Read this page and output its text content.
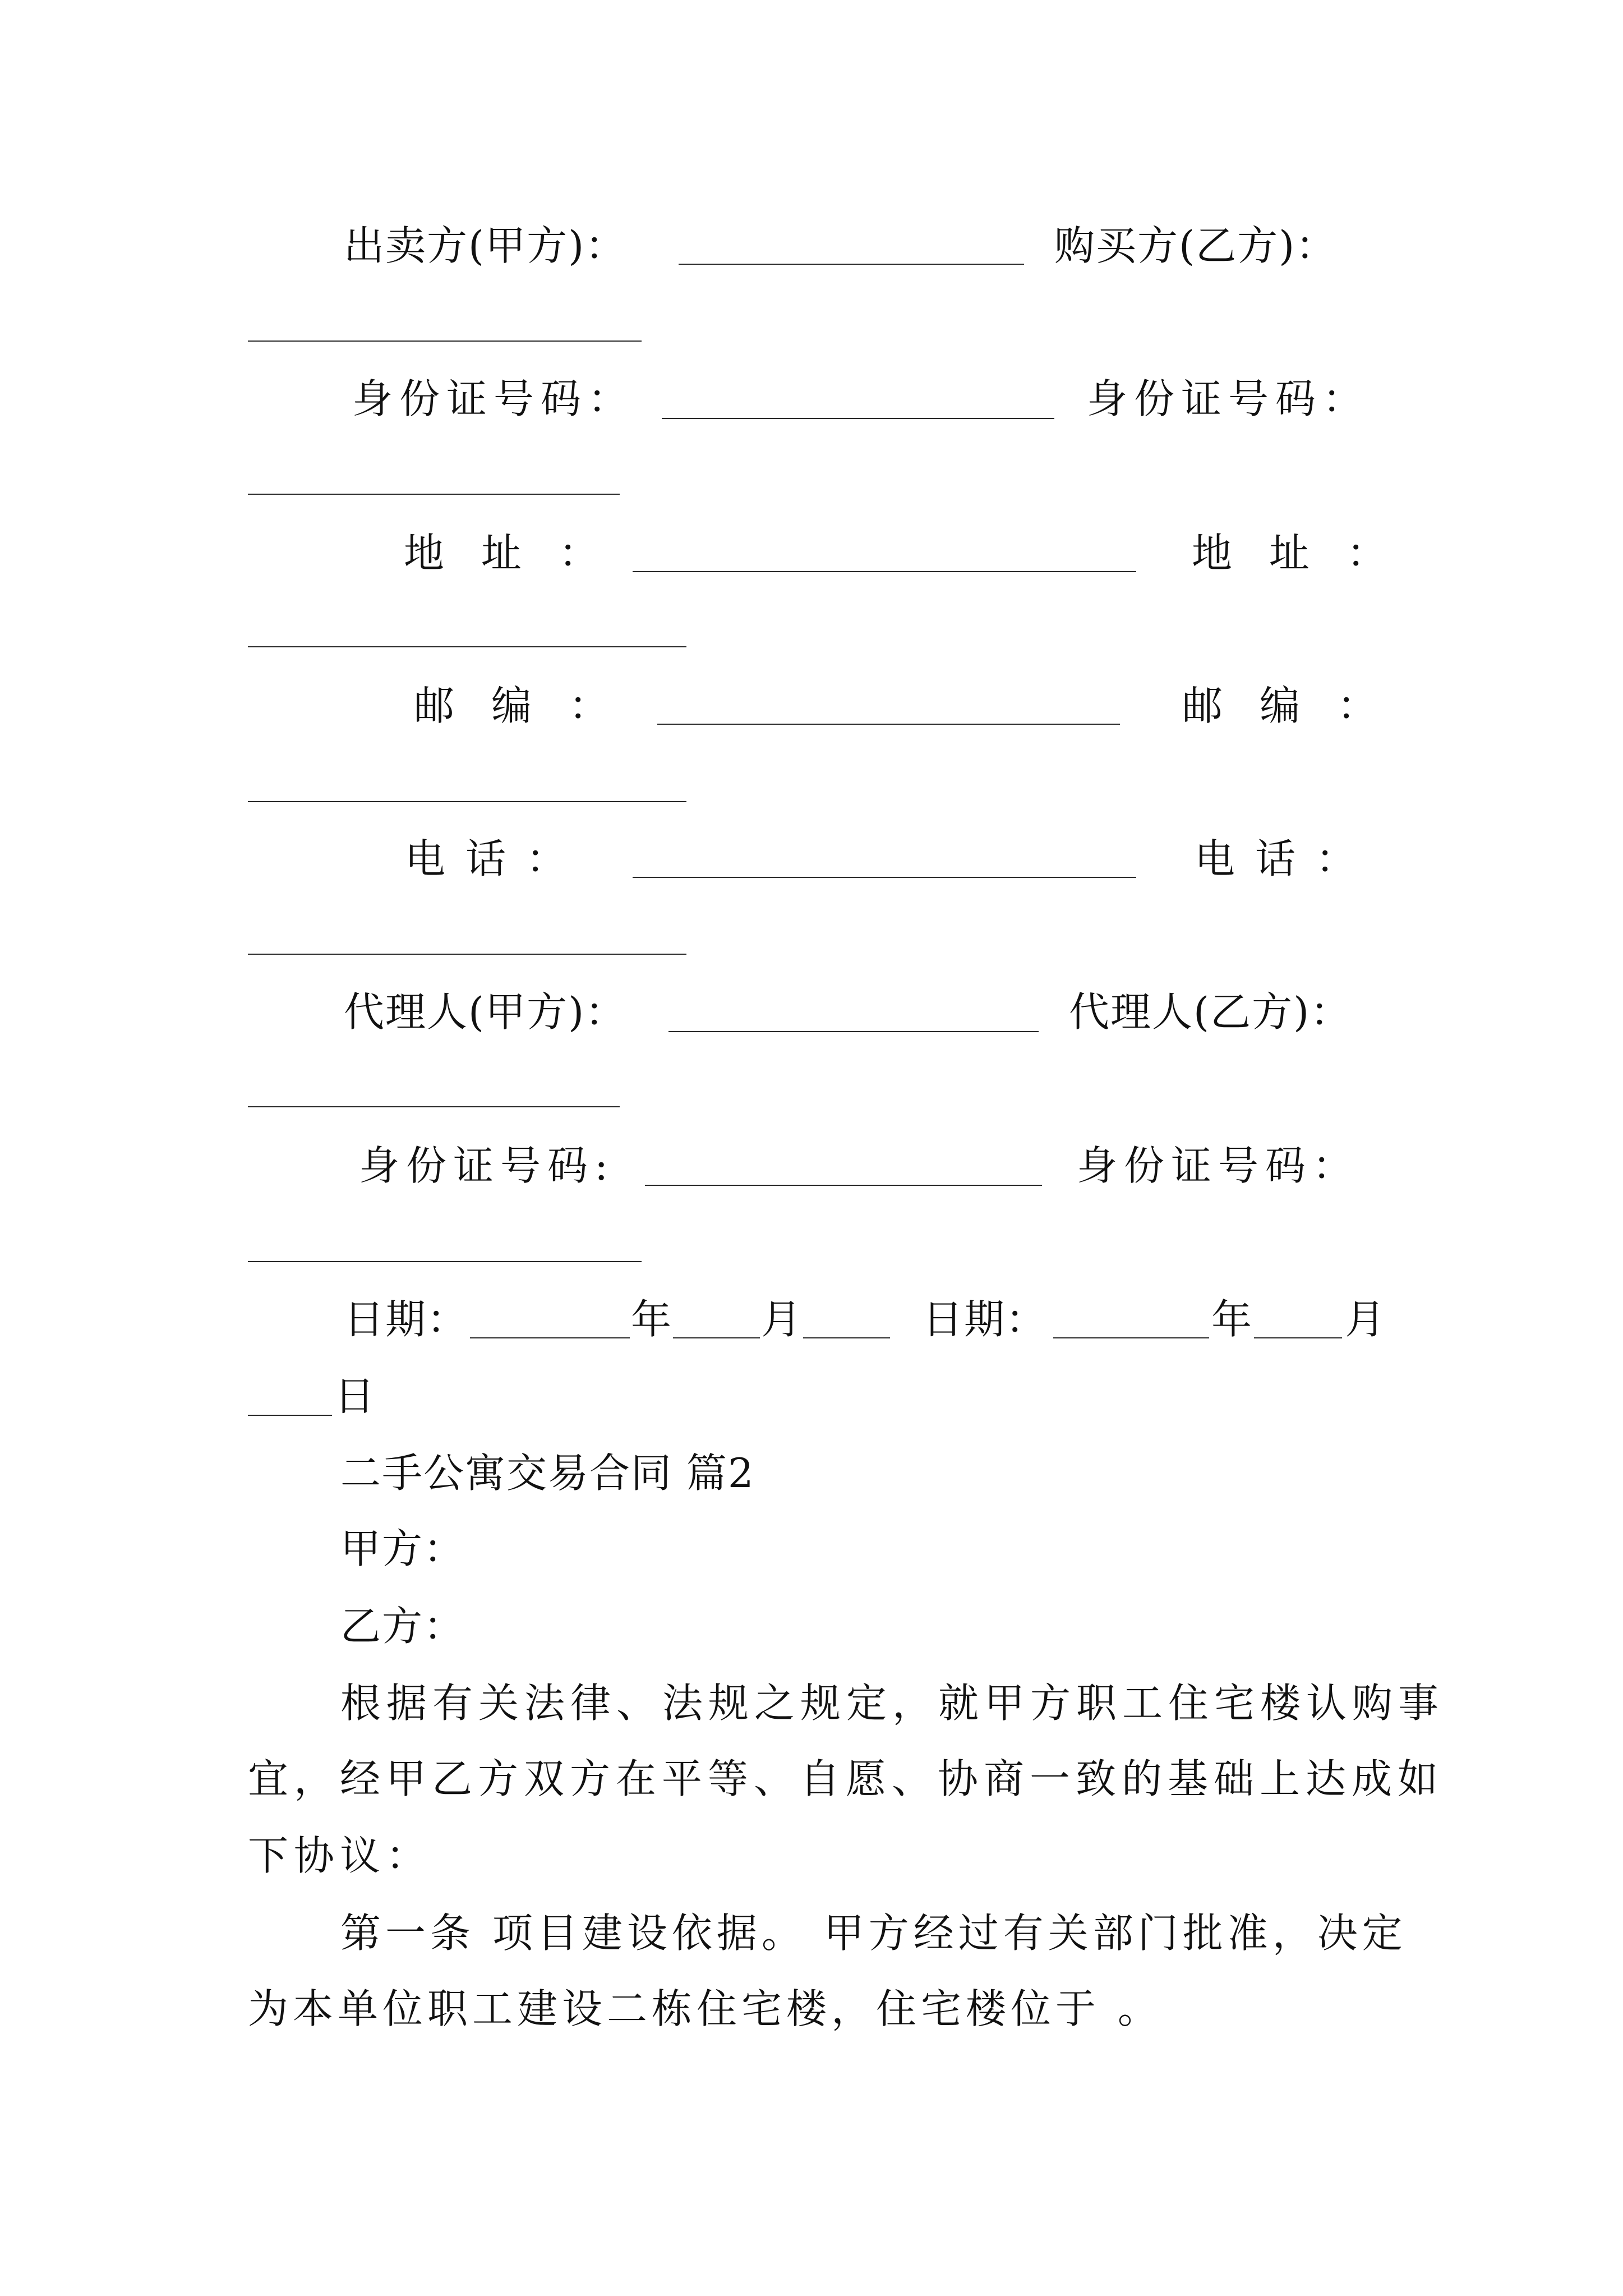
出卖方(甲方)：	购买方(乙方)：
身份证号码：	身份证号码：
地址：	地址：
邮编：	邮编：
电话：	电话：
代理人(甲方)：	代理人(乙方)：
身份证号码:	身份证号码：
日期：	年 月	日期：	年 月
日
二手公寓交易合同 篇2
甲方：
乙方：
根据有关法律、法规之规定，就甲方职工住宅楼认购事
宜，经甲乙方双方在平等、自愿、协商一致的基础上达成如
下协议：
第一条 项目建设依据。 甲方经过有关部门批准，决定
为本单位职工建设二栋住宅楼，住宅楼位于 。
